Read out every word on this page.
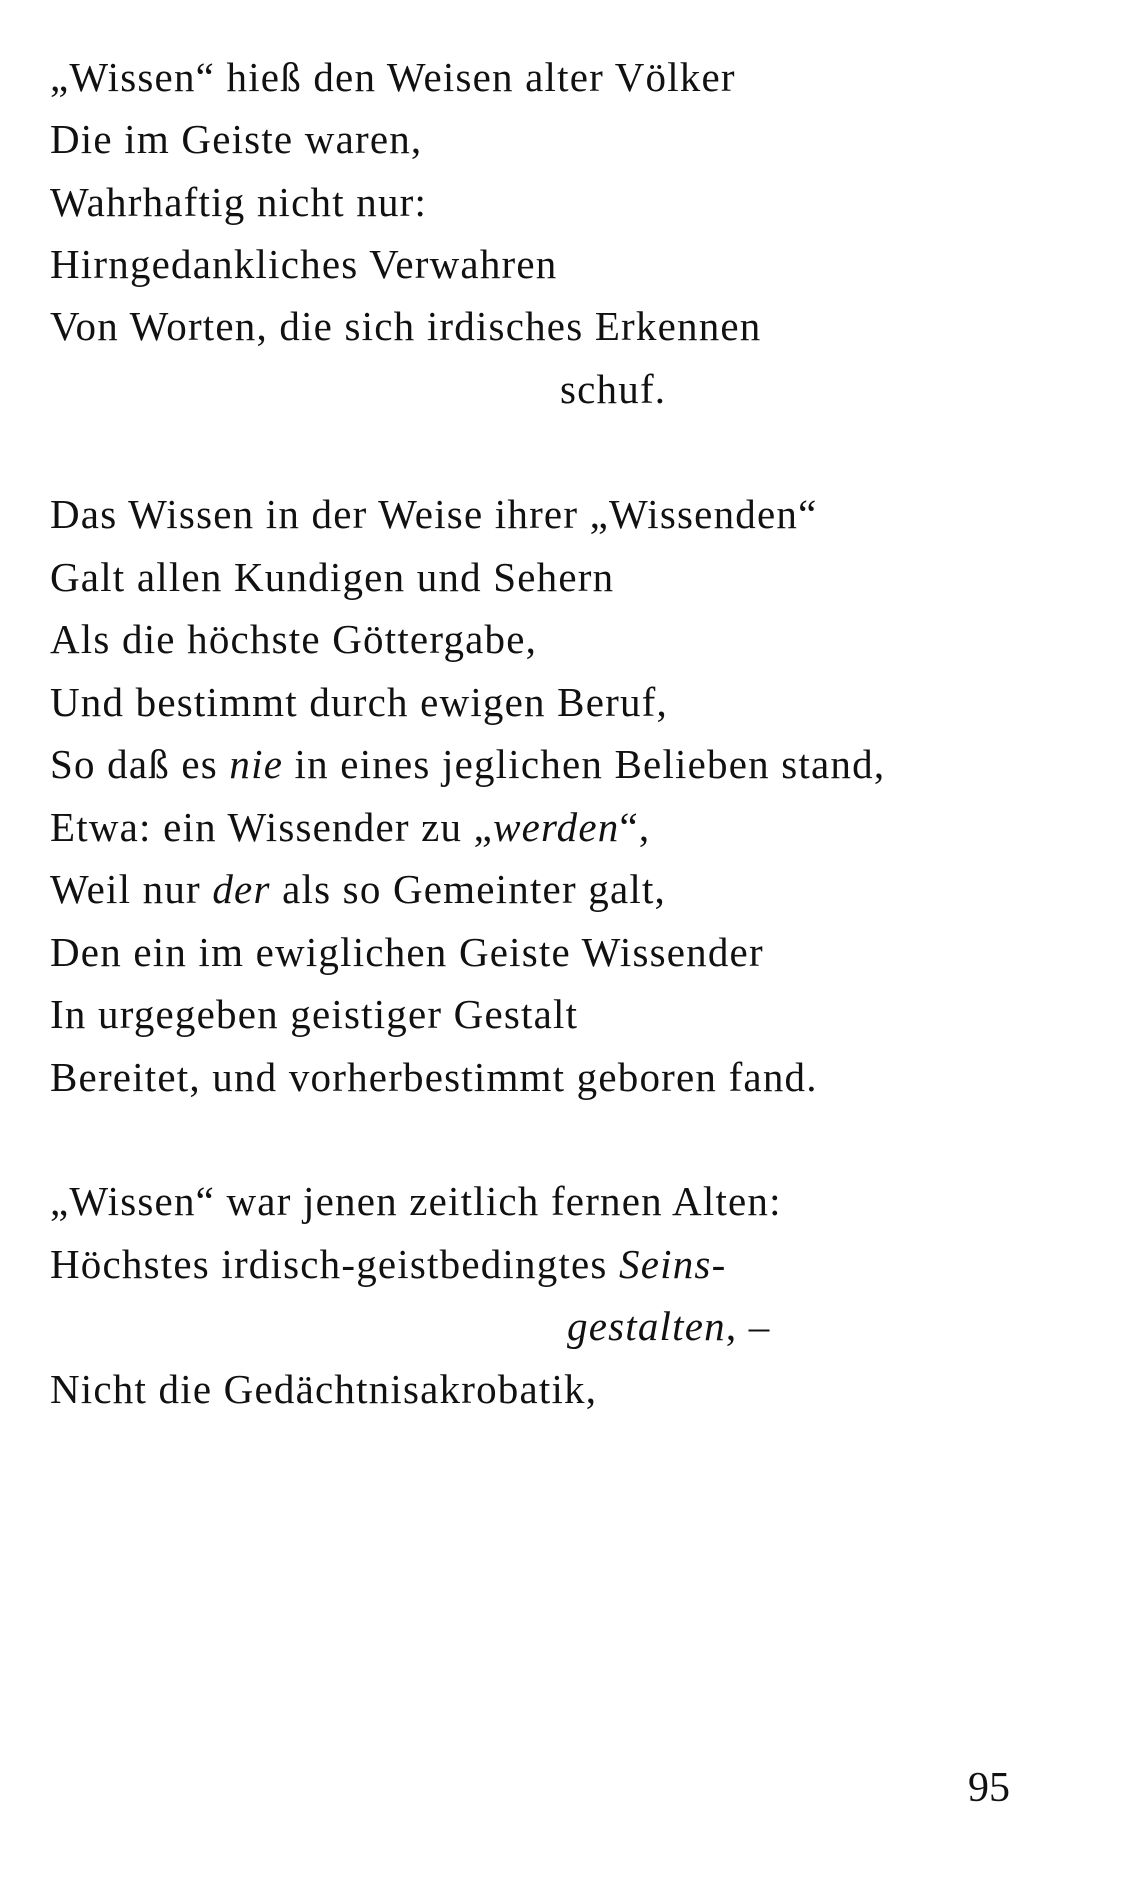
„Wissen“ hieß den Weisen alter Völker
Die im Geiste waren,
Wahrhaftig nicht nur:
Hirngedankliches Verwahren
Von Worten, die sich irdisches Erkennen
schuf.
Das Wissen in der Weise ihrer „Wissenden“
Galt allen Kundigen und Sehern
Als die höchste Göttergabe,
Und bestimmt durch ewigen Beruf,
So daß es nie in eines jeglichen Belieben stand,
Etwa: ein Wissender zu „werden“,
Weil nur der als so Gemeinter galt,
Den ein im ewiglichen Geiste Wissender
In urgegeben geistiger Gestalt
Bereitet, und vorherbestimmt geboren fand.
„Wissen“ war jenen zeitlich fernen Alten:
Höchstes irdisch-geistbedingtes Seins-
gestalten, –
Nicht die Gedächtnisakrobatik,
95
